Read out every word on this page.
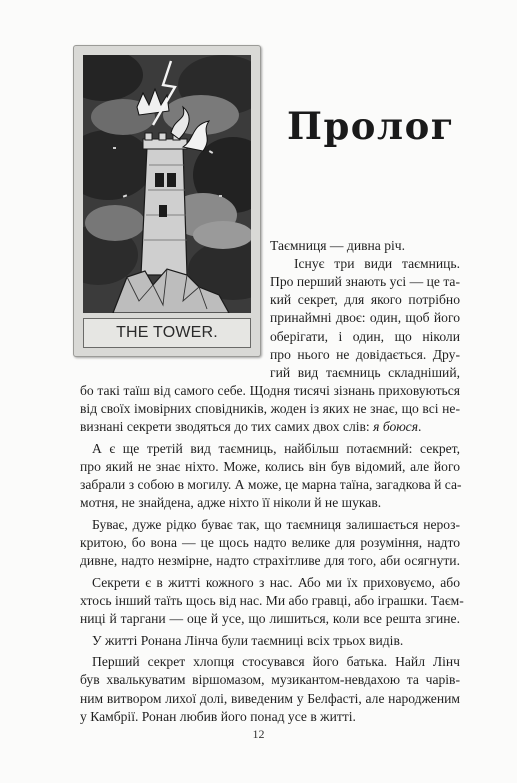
THE TOWER.
Пролог
Таємниця — дивна річ.
Існує три види таємниць.
Про перший знають усі — це та-
кий секрет, для якого потрібно
принаймні двоє: один, щоб його
оберігати, і один, що ніколи
про нього не довідається. Дру-
гий вид таємниць складніший,
бо такі таїш від самого себе. Щодня тисячі зізнань приховуються
від своїх імовірних сповідників, жоден із яких не знає, що всі не-
визнані секрети зводяться до тих самих двох слів: я боюся.
А є ще третій вид таємниць, найбільш потаємний: секрет,
про який не знає ніхто. Може, колись він був відомий, але його
забрали з собою в могилу. А може, це марна таїна, загадкова й са-
мотня, не знайдена, адже ніхто її ніколи й не шукав.
Буває, дуже рідко буває так, що таємниця залишається нероз-
критою, бо вона — це щось надто велике для розуміння, надто
дивне, надто незмірне, надто страхітливе для того, аби осягнути.
Секрети є в житті кожного з нас. Або ми їх приховуємо, або
хтось інший таїть щось від нас. Ми або гравці, або іграшки. Таєм-
ниці й таргани — оце й усе, що лишиться, коли все решта згине.
У житті Ронана Лінча були таємниці всіх трьох видів.
Перший секрет хлопця стосувався його батька. Найл Лінч
був хвалькуватим віршомазом, музикантом-невдахою та чарів-
ним витвором лихої долі, виведеним у Белфасті, але народженим
у Камбрії. Ронан любив його понад усе в житті.
12
